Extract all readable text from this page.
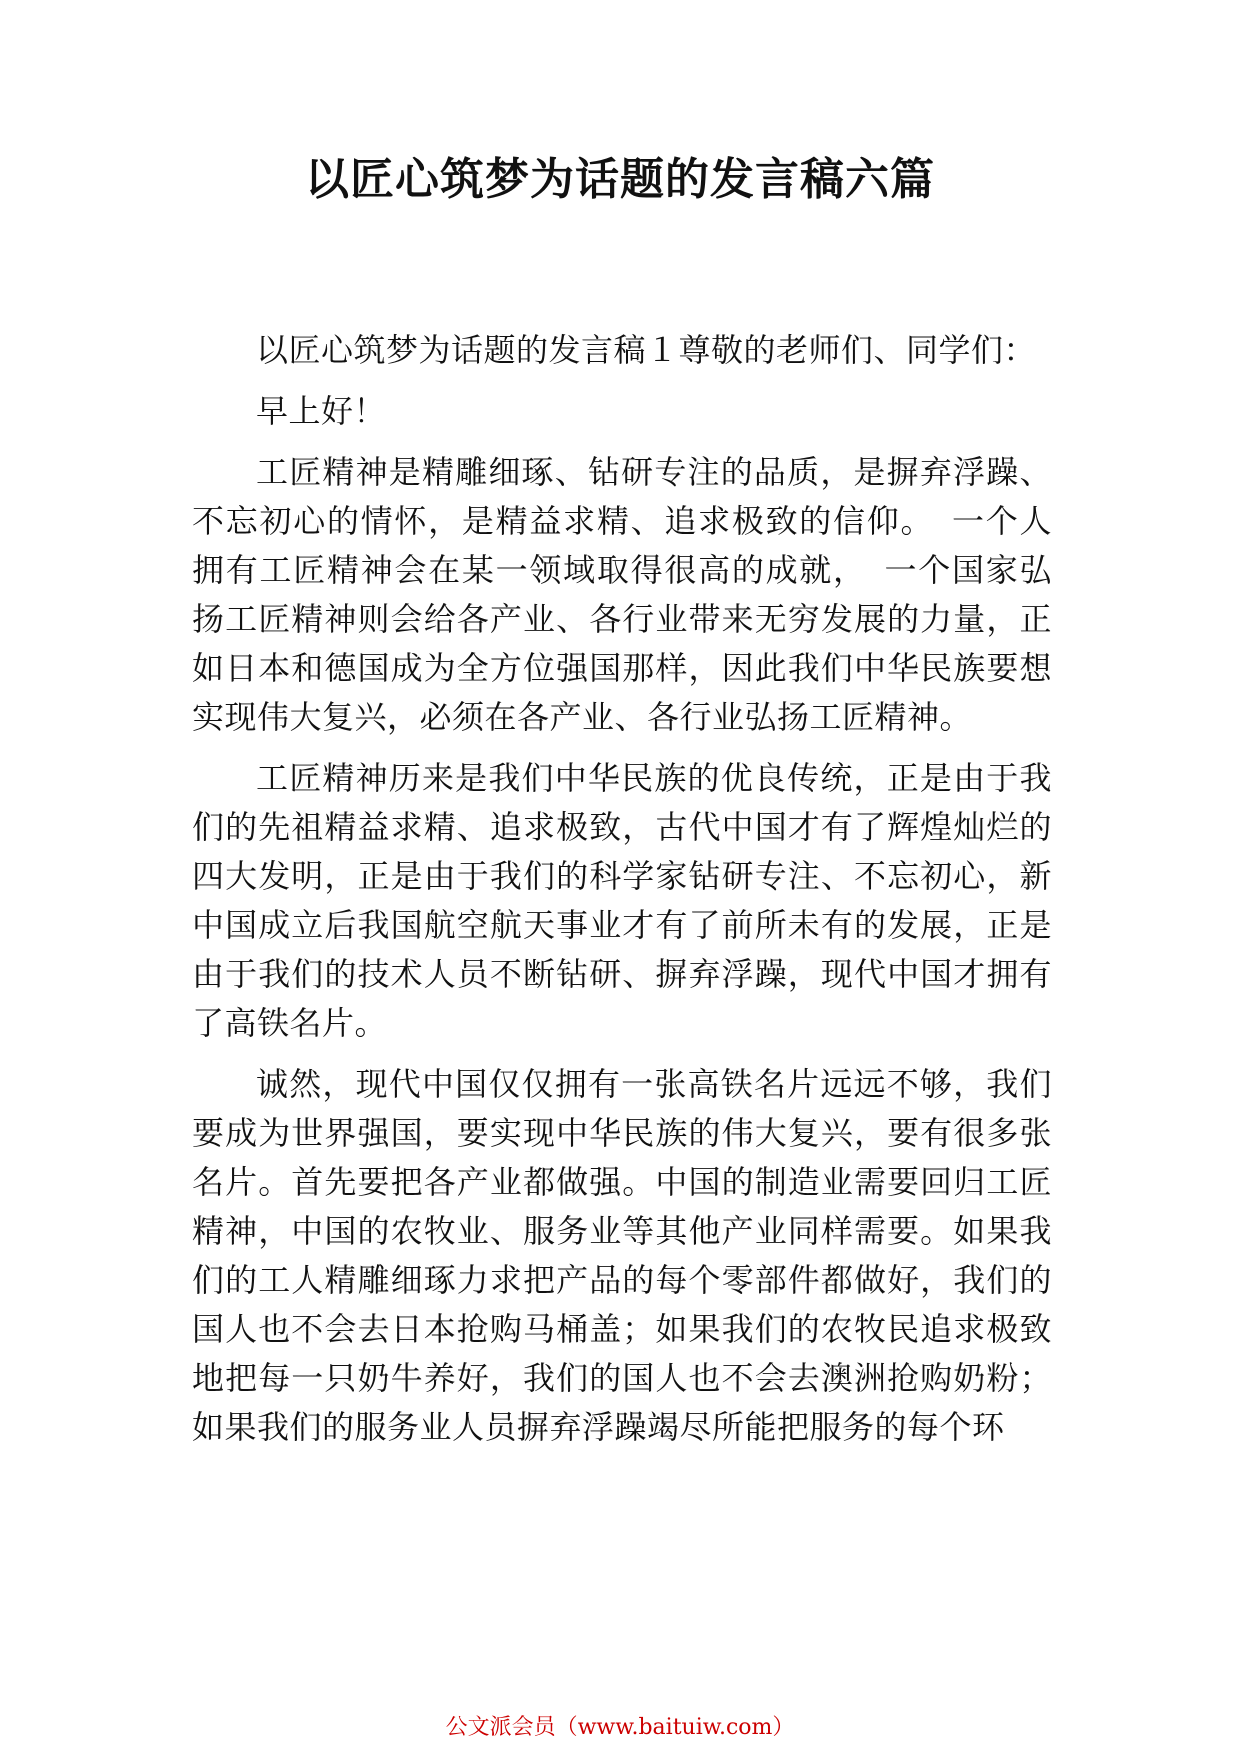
以匠心筑梦为话题的发言稿六篇

以匠心筑梦为话题的发言稿１尊敬的老师们、同学们：

早上好！

工匠精神是精雕细琢、钻研专注的品质，是摒弃浮躁、不忘初心的情怀，是精益求精、追求极致的信仰。　一个人拥有工匠精神会在某一领域取得很高的成就，　一个国家弘扬工匠精神则会给各产业、各行业带来无穷发展的力量，正如日本和德国成为全方位强国那样，因此我们中华民族要想实现伟大复兴，必须在各产业、各行业弘扬工匠精神。

工匠精神历来是我们中华民族的优良传统，正是由于我们的先祖精益求精、追求极致，古代中国才有了辉煌灿烂的四大发明，正是由于我们的科学家钻研专注、不忘初心，新中国成立后我国航空航天事业才有了前所未有的发展，正是由于我们的技术人员不断钻研、摒弃浮躁，现代中国才拥有了高铁名片。

诚然，现代中国仅仅拥有一张高铁名片远远不够，我们要成为世界强国，要实现中华民族的伟大复兴，要有很多张名片。首先要把各产业都做强。中国的制造业需要回归工匠精神，中国的农牧业、服务业等其他产业同样需要。如果我们的工人精雕细琢力求把产品的每个零部件都做好，我们的国人也不会去日本抢购马桶盖；如果我们的农牧民追求极致地把每一只奶牛养好，我们的国人也不会去澳洲抢购奶粉；如果我们的服务业人员摒弃浮躁竭尽所能把服务的每个环

公文派会员（www.baituiw.com）
